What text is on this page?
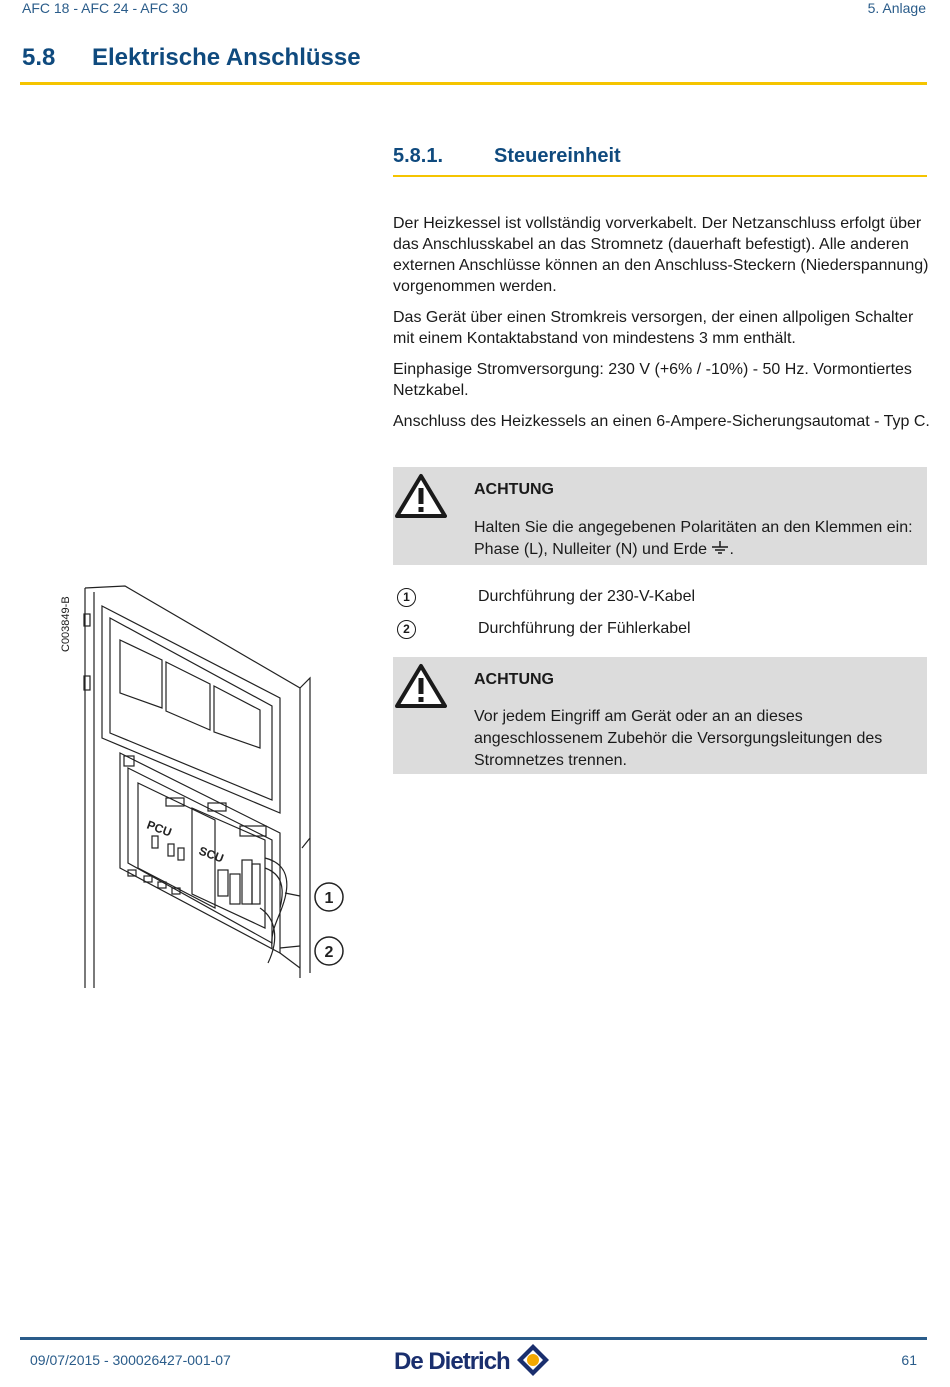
AFC 18 - AFC 24 - AFC 30	5. Anlage
5.8 Elektrische Anschlüsse
5.8.1.	Steuereinheit

Der Heizkessel ist vollständig vorverkabelt. Der Netzanschluss erfolgt über das Anschlusskabel an das Stromnetz (dauerhaft befestigt). Alle anderen externen Anschlüsse können an den Anschluss-Steckern (Niederspannung) vorgenommen werden.

Das Gerät über einen Stromkreis versorgen, der einen allpoligen Schalter mit einem Kontaktabstand von mindestens 3 mm enthält.

Einphasige Stromversorgung: 230 V (+6% / -10%) - 50 Hz. Vormontiertes Netzkabel.

Anschluss des Heizkessels an einen 6-Ampere-Sicherungsautomat - Typ C.

ACHTUNG
Halten Sie die angegebenen Polaritäten an den Klemmen ein: Phase (L), Nulleiter (N) und Erde .
1	Durchführung der 230-V-Kabel
2	Durchführung der Fühlerkabel
ACHTUNG
Vor jedem Eingriff am Gerät oder an an dieses angeschlossenem Zubehör die Versorgungsleitungen des Stromnetzes trennen.
C003849-B
PCU
SCU
1
2
09/07/2015 - 300026427-001-07	De Dietrich	61
